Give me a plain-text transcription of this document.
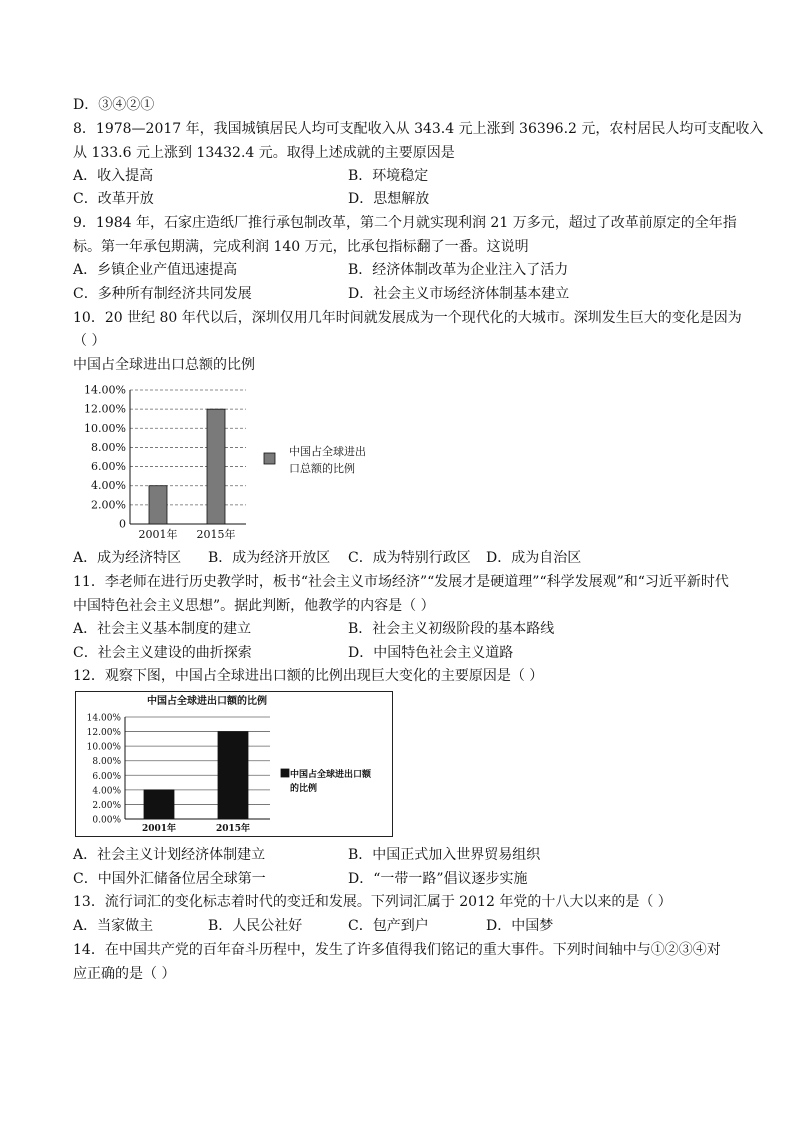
D．③④②①
8．1978—2017 年，我国城镇居民人均可支配收入从 343.4 元上涨到 36396.2 元，农村居民人均可支配收入
从 133.6 元上涨到 13432.4 元。取得上述成就的主要原因是
A．收入提高	B．环境稳定
C．改革开放	D．思想解放
9．1984 年，石家庄造纸厂推行承包制改革，第二个月就实现利润 21 万多元，超过了改革前原定的全年指
标。第一年承包期满，完成利润 140 万元，比承包指标翻了一番。这说明
A．乡镇企业产值迅速提高	B．经济体制改革为企业注入了活力
C．多种所有制经济共同发展	D．社会主义市场经济体制基本建立
10．20 世纪 80 年代以后，深圳仅用几年时间就发展成为一个现代化的大城市。深圳发生巨大的变化是因为
（ ）
中国占全球进出口总额的比例
0
2.00%
4.00%
6.00%
8.00%
10.00%
12.00%
14.00%
2001年 2015年
中国占全球进出
口总额的比例
A．成为经济特区 B．成为经济开放区 C．成为特别行政区 D．成为自治区
11．李老师在进行历史教学时，板书“社会主义市场经济”“发展才是硬道理”“科学发展观”和“习近平新时代
中国特色社会主义思想”。据此判断，他教学的内容是（ ）
A．社会主义基本制度的建立	B．社会主义初级阶段的基本路线
C．社会主义建设的曲折探索	D．中国特色社会主义道路
12．观察下图，中国占全球进出口额的比例出现巨大变化的主要原因是（ ）
中国占全球进出口额的比例
0.00%
2.00%
4.00%
6.00%
8.00%
10.00%
12.00%
14.00%
2001年	2015年
中国占全球进出口额
的比例
A．社会主义计划经济体制建立	B．中国正式加入世界贸易组织
C．中国外汇储备位居全球第一	D．“一带一路”倡议逐步实施
13．流行词汇的变化标志着时代的变迁和发展。下列词汇属于 2012 年党的十八大以来的是（ ）
A．当家做主	B．人民公社好	C．包产到户	D．中国梦
14．在中国共产党的百年奋斗历程中，发生了许多值得我们铭记的重大事件。下列时间轴中与①②③④对
应正确的是（ ）
